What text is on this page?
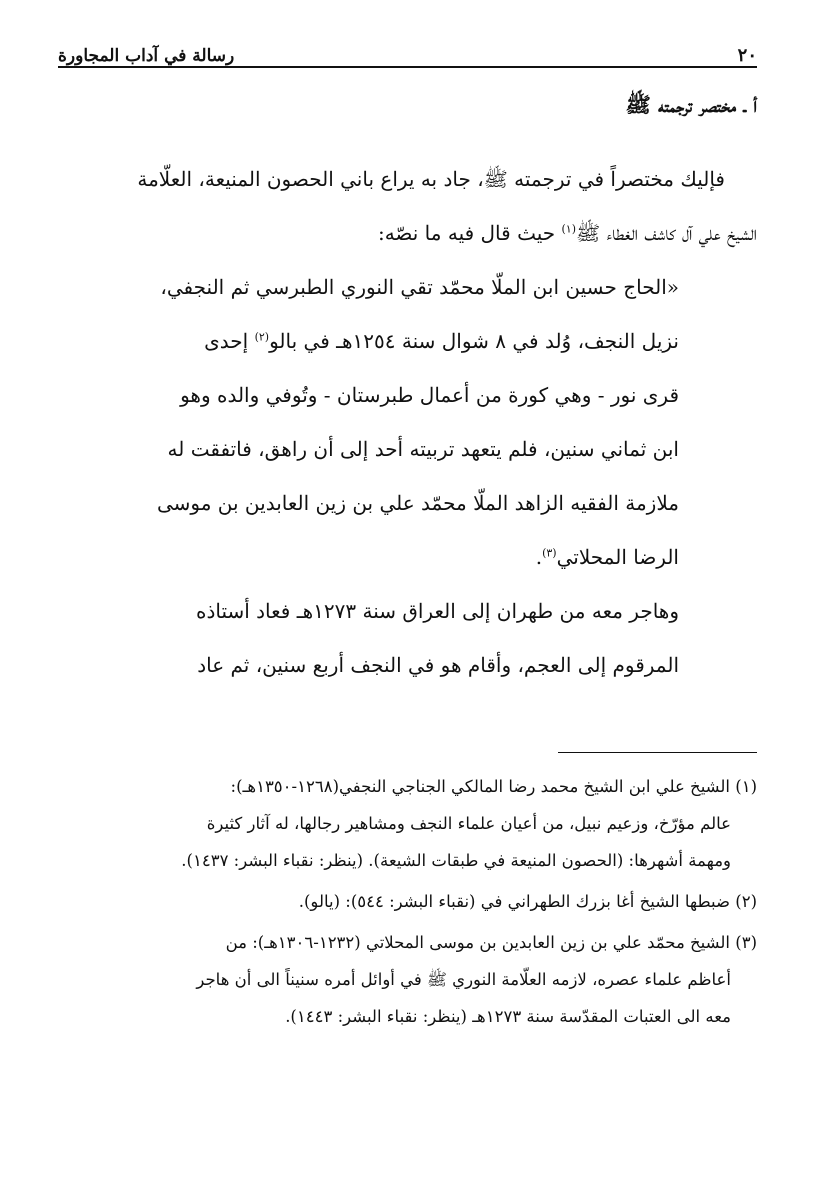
٢٠
رسالة في آداب المجاورة
أ ـ مختصر ترجمته ﷺ

فإليك مختصراً في ترجمته ﷺ، جاد به يراع باني الحصون المنيعة، العلّامة
الشيخ علي آل كاشف الغطاء ﷺ$^{(١)}$ حيث قال فيه ما نصّه:

«الحاج حسين ابن الملّا محمّد تقي النوري الطبرسي ثم النجفي،
نزيل النجف، وُلد في ٨ شوال سنة ١٢٥٤هـ في بالو$^{(٢)}$ إحدى
قرى نور - وهي كورة من أعمال طبرستان - وتُوفي والده وهو
ابن ثماني سنين، فلم يتعهد تربيته أحد إلى أن راهق، فاتفقت له
ملازمة الفقيه الزاهد الملّا محمّد علي بن زين العابدين بن موسى
الرضا المحلاتي$^{(٣)}$.

وهاجر معه من طهران إلى العراق سنة ١٢٧٣هـ فعاد أستاذه
المرقوم إلى العجم، وأقام هو في النجف أربع سنين، ثم عاد

(١) الشيخ علي ابن الشيخ محمد رضا المالكي الجناجي النجفي(١٢٦٨-١٣٥٠هـ):
عالم مؤرّخ، وزعيم نبيل، من أعيان علماء النجف ومشاهير رجالها، له آثار كثيرة
ومهمة أشهرها: (الحصون المنيعة في طبقات الشيعة). (ينظر: نقباء البشر: ١٤٣٧).
(٢) ضبطها الشيخ أغا بزرك الطهراني في (نقباء البشر: ٥٤٤): (يالو).
(٣) الشيخ محمّد علي بن زين العابدين بن موسى المحلاتي (١٢٣٢-١٣٠٦هـ): من
أعاظم علماء عصره، لازمه العلّامة النوري ﷺ في أوائل أمره سنيناً الى أن هاجر
معه الى العتبات المقدّسة سنة ١٢٧٣هـ (ينظر: نقباء البشر: ١٤٤٣).
